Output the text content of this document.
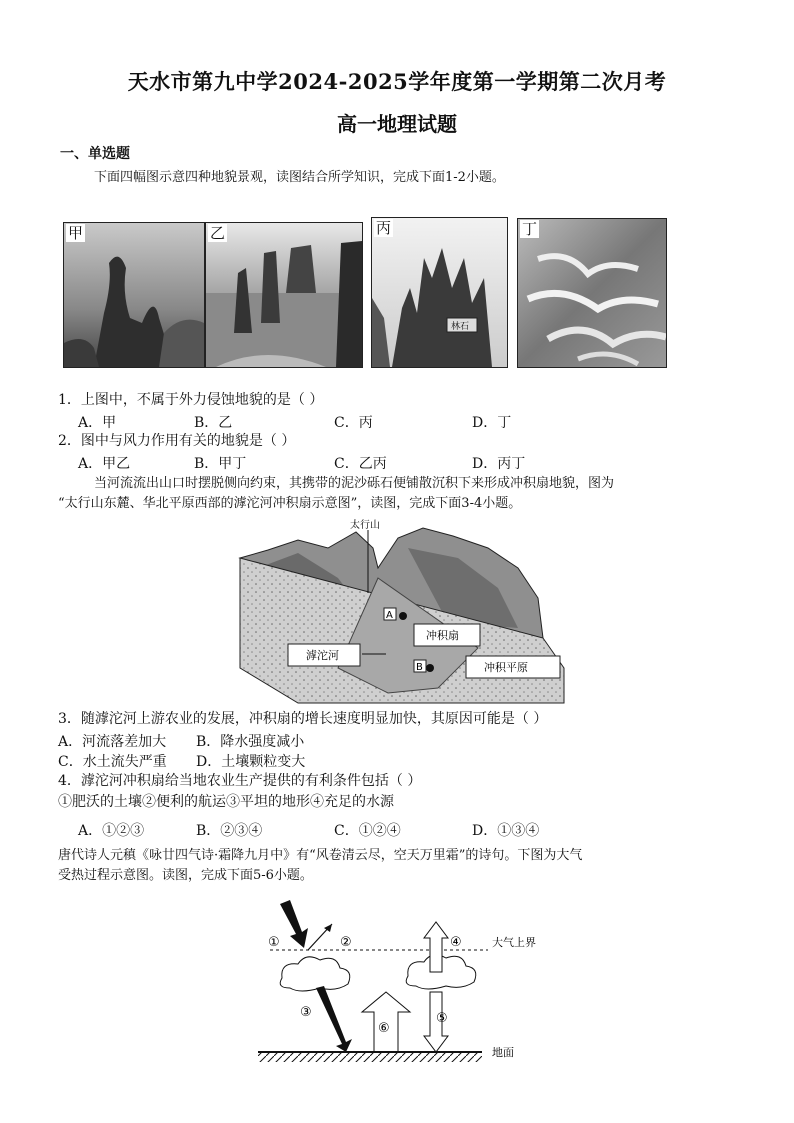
天水市第九中学2024-2025学年度第一学期第二次月考
高一地理试题
一、单选题
下面四幅图示意四种地貌景观，读图结合所学知识，完成下面1-2小题。
甲	乙
林石
丙	丁
1．上图中，不属于外力侵蚀地貌的是（ ）
A．甲	B．乙	C．丙	D．丁
2．图中与风力作用有关的地貌是（ ）
A．甲乙	B．甲丁	C．乙丙	D．丙丁
当河流流出山口时摆脱侧向约束，其携带的泥沙砾石便铺散沉积下来形成冲积扇地貌，图为
“太行山东麓、华北平原西部的滹沱河冲积扇示意图”，读图，完成下面3-4小题。
太行山
A
B
冲积扇
滹沱河
冲积平原
3．随滹沱河上游农业的发展，冲积扇的增长速度明显加快，其原因可能是（ ）
A．河流落差加大 B．降水强度减小
C．水土流失严重 D．土壤颗粒变大
4．滹沱河冲积扇给当地农业生产提供的有利条件包括（ ）
①肥沃的土壤②便利的航运③平坦的地形④充足的水源
A．①②③	B．②③④	C．①②④	D．①③④
唐代诗人元稹《咏廿四气诗·霜降九月中》有“风卷清云尽，空天万里霜”的诗句。下图为大气
受热过程示意图。读图，完成下面5-6小题。
大气上界
①	②
③
⑥
④
⑤
地面
